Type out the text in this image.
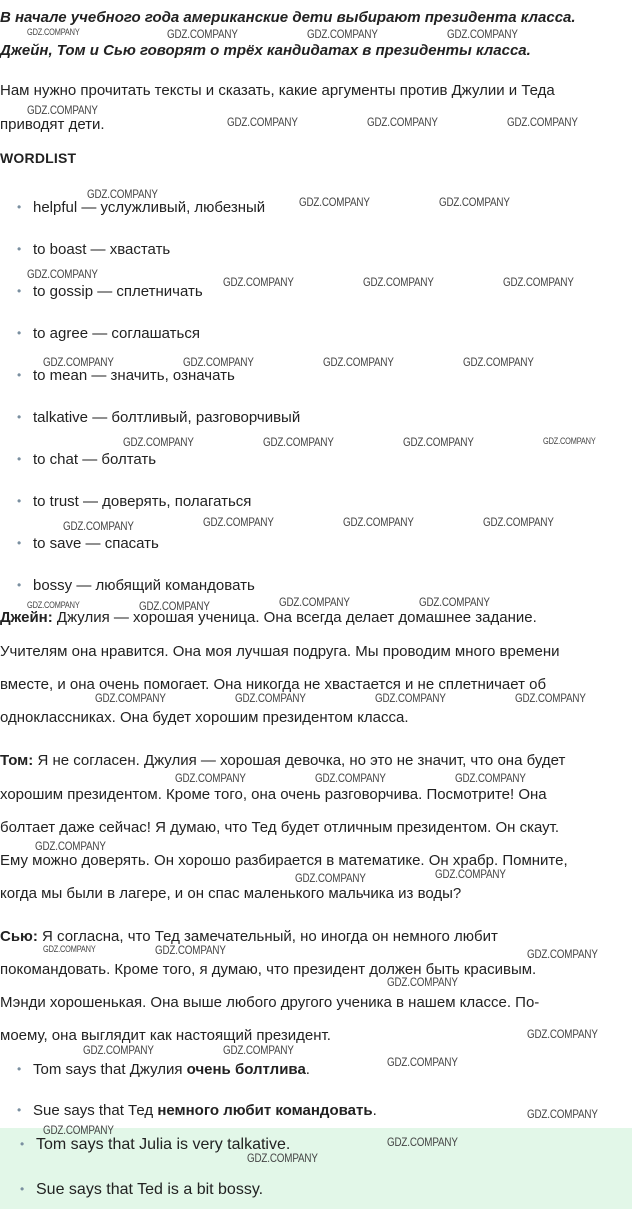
В начале учебного года американские дети выбирают президента класса.
Джейн, Том и Сью говорят о трёх кандидатах в президенты класса.
Нам нужно прочитать тексты и сказать, какие аргументы против Джулии и Теда
приводят дети.
WORDLIST
• helpful — услужливый, любезный
• to boast — хвастать
• to gossip — сплетничать
• to agree — соглашаться
• to mean — значить, означать
• talkative — болтливый, разговорчивый
• to chat — болтать
• to trust — доверять, полагаться
• to save — спасать
• bossy — любящий командовать
Джейн: Джулия — хорошая ученица. Она всегда делает домашнее задание.
Учителям она нравится. Она моя лучшая подруга. Мы проводим много времени
вместе, и она очень помогает. Она никогда не хвастается и не сплетничает об
одноклассниках. Она будет хорошим президентом класса.
Том: Я не согласен. Джулия — хорошая девочка, но это не значит, что она будет
хорошим президентом. Кроме того, она очень разговорчива. Посмотрите! Она
болтает даже сейчас! Я думаю, что Тед будет отличным президентом. Он скаут.
Ему можно доверять. Он хорошо разбирается в математике. Он храбр. Помните,
когда мы были в лагере, и он спас маленького мальчика из воды?
Сью: Я согласна, что Тед замечательный, но иногда он немного любит
покомандовать. Кроме того, я думаю, что президент должен быть красивым.
Мэнди хорошенькая. Она выше любого другого ученика в нашем классе. По-
моему, она выглядит как настоящий президент.
• Tom says that Джулия очень болтлива.
• Sue says that Тед немного любит командовать.
• Tom says that Julia is very talkative.
• Sue says that Ted is a bit bossy.
GDZ.COMPANY	GDZ.COMPANY	GDZ.COMPANY	GDZ.COMPANY
GDZ.COMPANY
GDZ.COMPANY	GDZ.COMPANY	GDZ.COMPANY
GDZ.COMPANY
GDZ.COMPANY	GDZ.COMPANY
GDZ.COMPANY
GDZ.COMPANY	GDZ.COMPANY	GDZ.COMPANY
GDZ.COMPANY	GDZ.COMPANY	GDZ.COMPANY	GDZ.COMPANY
GDZ.COMPANY	GDZ.COMPANY	GDZ.COMPANY	GDZ.COMPANY
GDZ.COMPANY	GDZ.COMPANY	GDZ.COMPANY	GDZ.COMPANY
GDZ.COMPANY	GDZ.COMPANY	GDZ.COMPANY	GDZ.COMPANY
GDZ.COMPANY	GDZ.COMPANY	GDZ.COMPANY	GDZ.COMPANY
GDZ.COMPANY	GDZ.COMPANY	GDZ.COMPANY
GDZ.COMPANY
GDZ.COMPANY	GDZ.COMPANY
GDZ.COMPANY	GDZ.COMPANY	GDZ.COMPANY
GDZ.COMPANY
GDZ.COMPANY
GDZ.COMPANY	GDZ.COMPANY
GDZ.COMPANY
GDZ.COMPANY
GDZ.COMPANY
GDZ.COMPANY
GDZ.COMPANY
